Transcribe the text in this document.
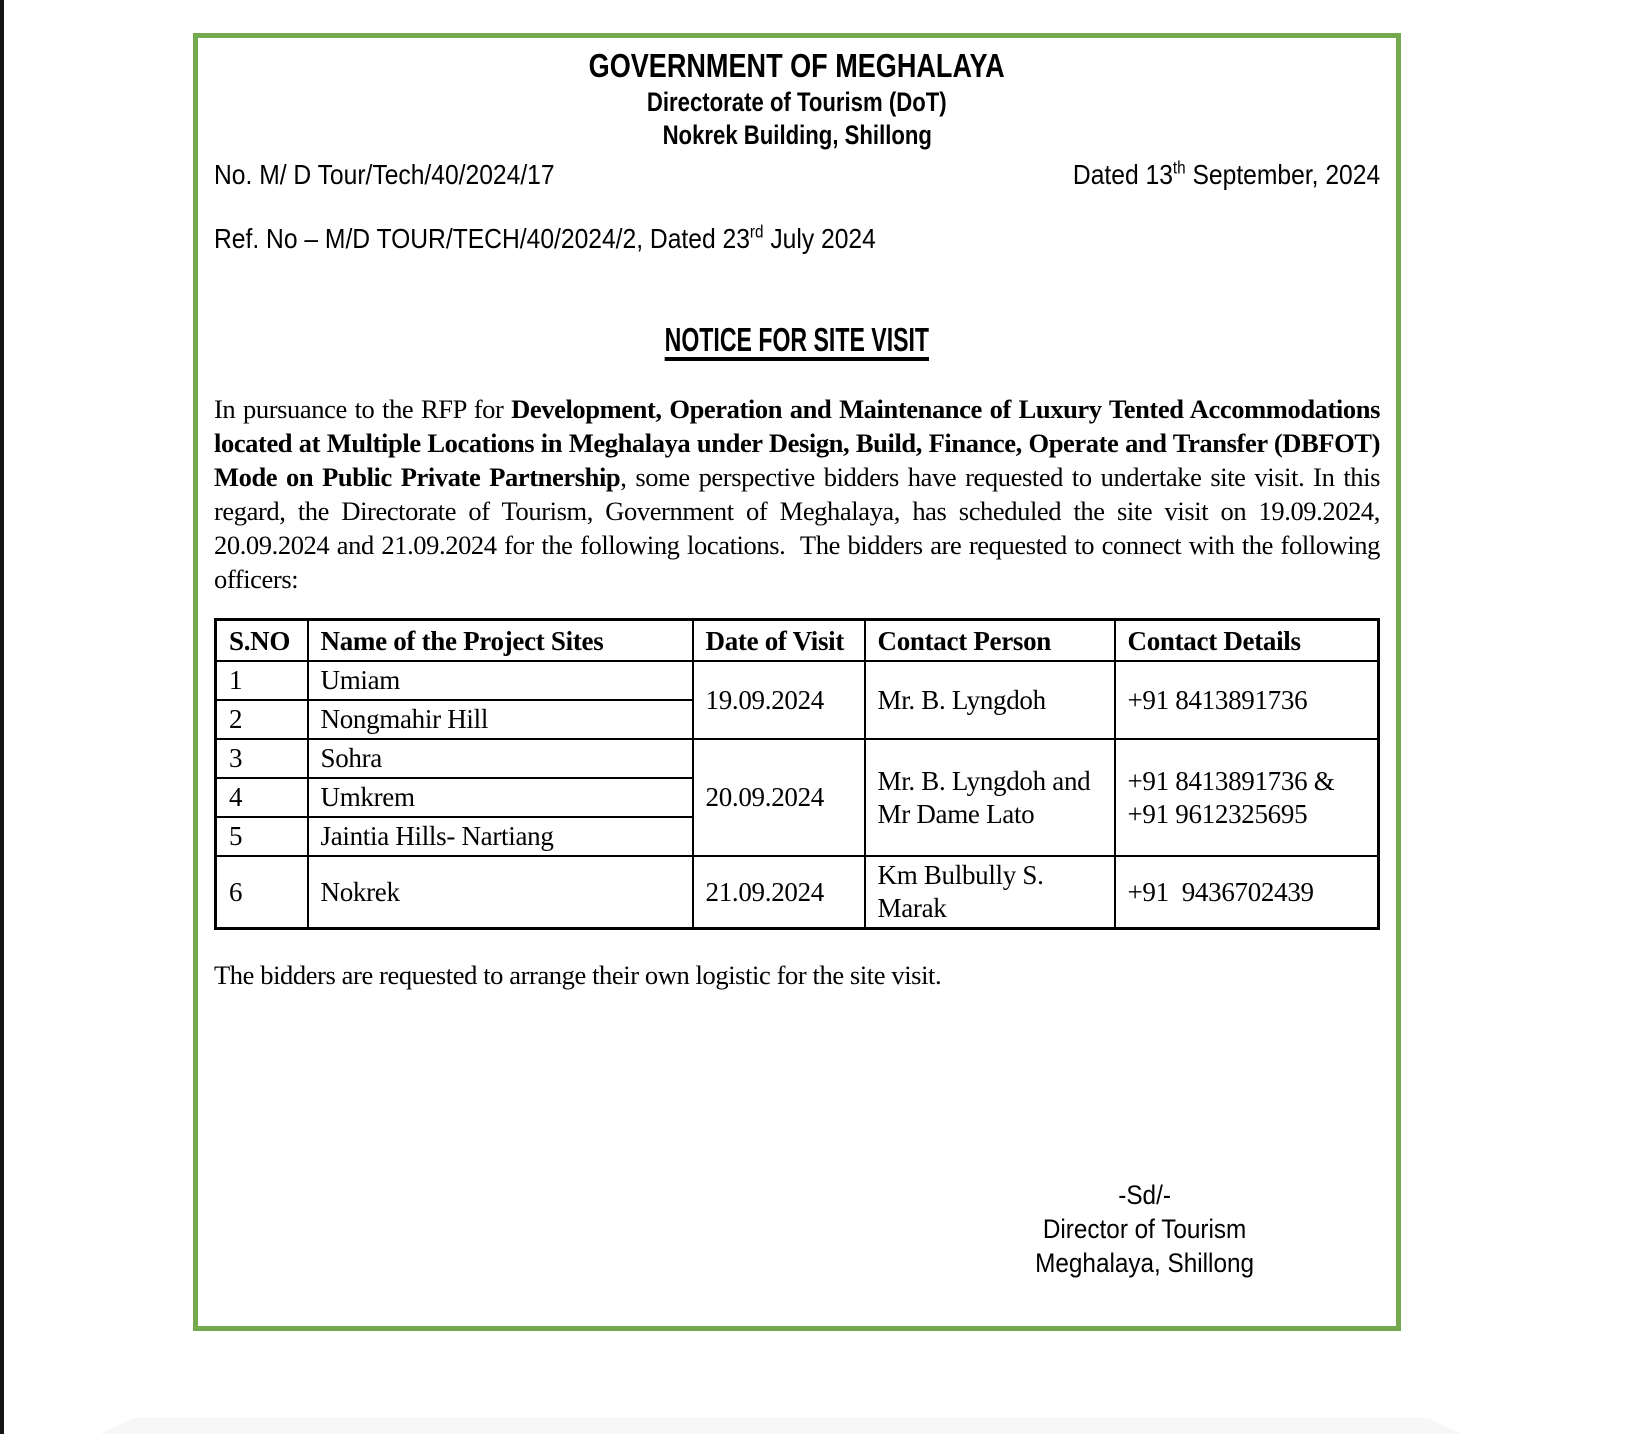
GOVERNMENT OF MEGHALAYA
Directorate of Tourism (DoT)
Nokrek Building, Shillong
No. M/ D Tour/Tech/40/2024/17	Dated 13th September, 2024
Ref. No – M/D TOUR/TECH/40/2024/2, Dated 23rd July 2024
NOTICE FOR SITE VISIT

In pursuance to the RFP for Development, Operation and Maintenance of Luxury Tented Accommodations located at Multiple Locations in Meghalaya under Design, Build, Finance, Operate and Transfer (DBFOT) Mode on Public Private Partnership, some perspective bidders have requested to undertake site visit. In this regard, the Directorate of Tourism, Government of Meghalaya, has scheduled the site visit on 19.09.2024, 20.09.2024 and 21.09.2024 for the following locations.  The bidders are requested to connect with the following officers:

S.NO	Name of the Project Sites	Date of Visit	Contact Person	Contact Details
1	Umiam	19.09.2024	Mr. B. Lyngdoh	+91 8413891736
2	Nongmahir Hill			
3	Sohra	20.09.2024	Mr. B. Lyngdoh and Mr Dame Lato	+91 8413891736 & +91 9612325695
4	Umkrem			
5	Jaintia Hills- Nartiang			
6	Nokrek	21.09.2024	Km Bulbully S. Marak	+91  9436702439

The bidders are requested to arrange their own logistic for the site visit.

-Sd/-
Director of Tourism
Meghalaya, Shillong
